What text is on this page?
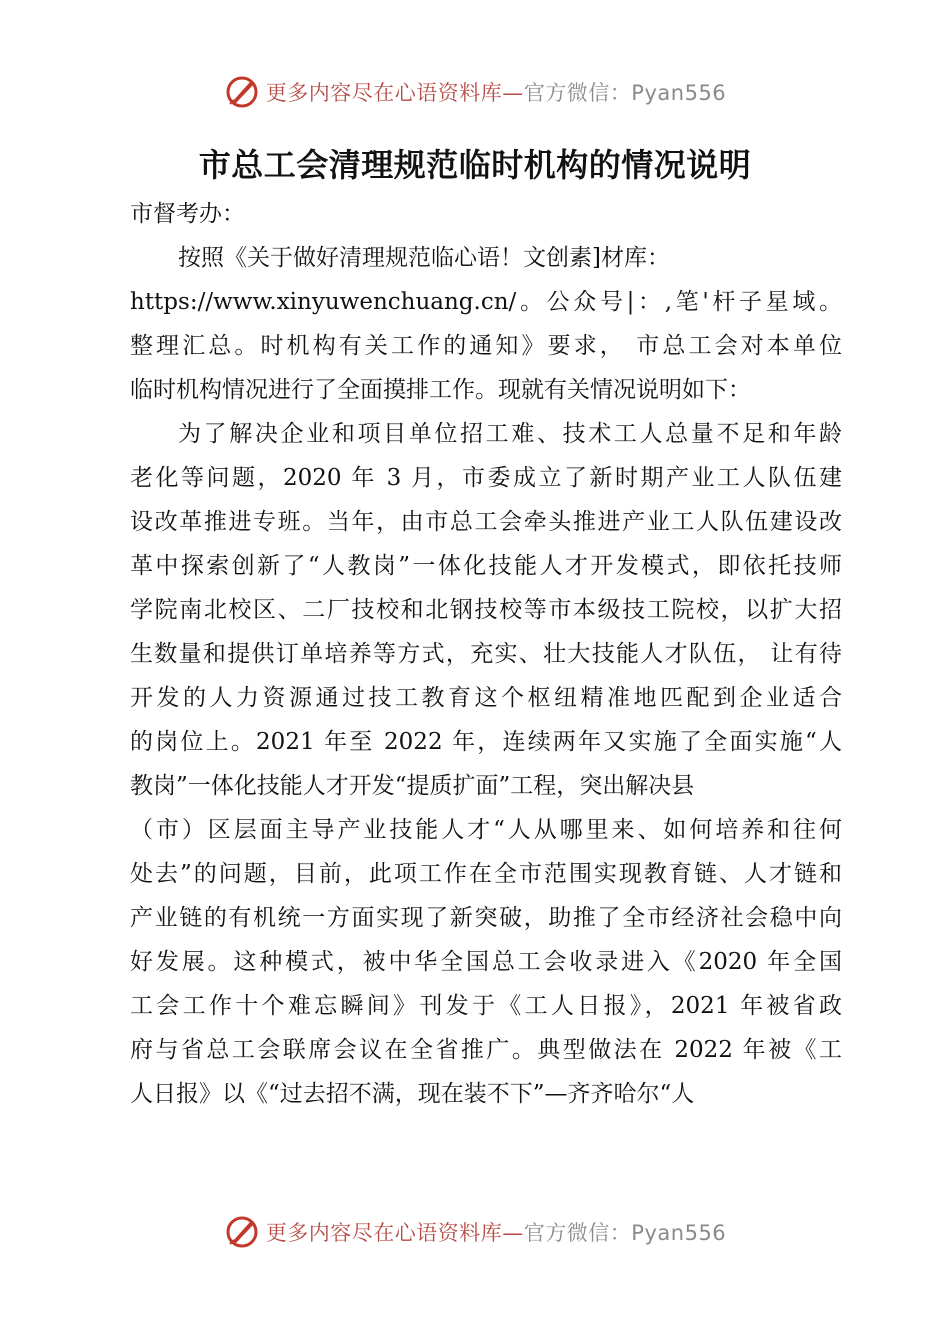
更多内容尽在心语资料库— 官方微信：Pyan556
市总工会清理规范临时机构的情况说明
市督考办：
按照《关于做好清理规范临心语！文创素]材库：
https://www.xinyuwenchuang.cn/。公众号|：,笔'杆子星域。
整理汇总。时机构有关工作的通知》要求， 市总工会对本单位
临时机构情况进行了全面摸排工作。现就有关情况说明如下：
为了解决企业和项目单位招工难、技术工人总量不足和年龄
老化等问题，2020 年 3 月，市委成立了新时期产业工人队伍建
设改革推进专班。当年，由市总工会牵头推进产业工人队伍建设改
革中探索创新了“人教岗”一体化技能人才开发模式，即依托技师
学院南北校区、二厂技校和北钢技校等市本级技工院校，以扩大招
生数量和提供订单培养等方式，充实、壮大技能人才队伍， 让有待
开发的人力资源通过技工教育这个枢纽精准地匹配到企业适合
的岗位上。2021 年至 2022 年，连续两年又实施了全面实施“人
教岗”一体化技能人才开发“提质扩面”工程，突出解决县
（市）区层面主导产业技能人才“人从哪里来、如何培养和往何
处去”的问题，目前，此项工作在全市范围实现教育链、人才链和
产业链的有机统一方面实现了新突破，助推了全市经济社会稳中向
好发展。这种模式，被中华全国总工会收录进入《2020 年全国
工会工作十个难忘瞬间》刊发于《工人日报》，2021 年被省政
府与省总工会联席会议在全省推广。典型做法在 2022 年被《工
人日报》以《“过去招不满，现在装不下”—齐齐哈尔“人
更多内容尽在心语资料库— 官方微信：Pyan556
